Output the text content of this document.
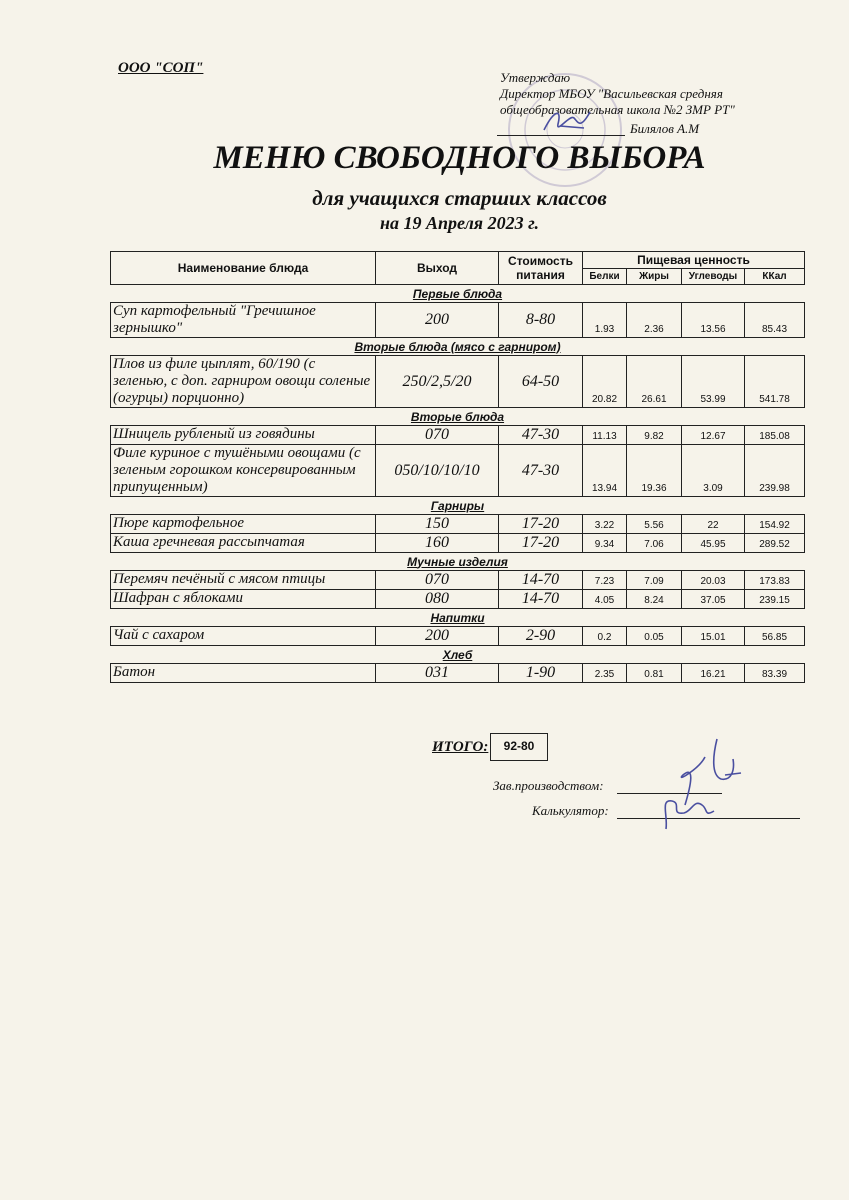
ООО "СОП"
Утверждаю
Директор МБОУ "Васильевская средняя
общеобразовательная школа №2 ЗМР РТ"
Билялов А.М
МЕНЮ СВОБОДНОГО ВЫБОРА
для учащихся старших классов
на 19 Апреля 2023 г.
Наименование блюда	Выход	Стоимость питания	Пищевая ценность			
			Белки	Жиры	Углеводы	ККал
Первые блюда						
Суп картофельный "Гречишное зернышко"	200	8-80	1.93	2.36	13.56	85.43
Вторые блюда (мясо с гарниром)						
Плов из филе цыплят, 60/190 (с зеленью, с доп. гарниром овощи соленые (огурцы) порционно)	250/2,5/20	64-50	20.82	26.61	53.99	541.78
Вторые блюда						
Шницель рубленый из говядины	070	47-30	11.13	9.82	12.67	185.08
Филе куриное с тушёными овощами (с зеленым горошком консервированным припущенным)	050/10/10/10	47-30	13.94	19.36	3.09	239.98
Гарниры						
Пюре картофельное	150	17-20	3.22	5.56	22	154.92
Каша гречневая рассыпчатая	160	17-20	9.34	7.06	45.95	289.52
Мучные изделия						
Перемяч печёный с мясом птицы	070	14-70	7.23	7.09	20.03	173.83
Шафран с яблоками	080	14-70	4.05	8.24	37.05	239.15
Напитки						
Чай с сахаром	200	2-90	0.2	0.05	15.01	56.85
Хлеб						
Батон	031	1-90	2.35	0.81	16.21	83.39
ИТОГО:	92-80
Зав.производством:
Калькулятор:
